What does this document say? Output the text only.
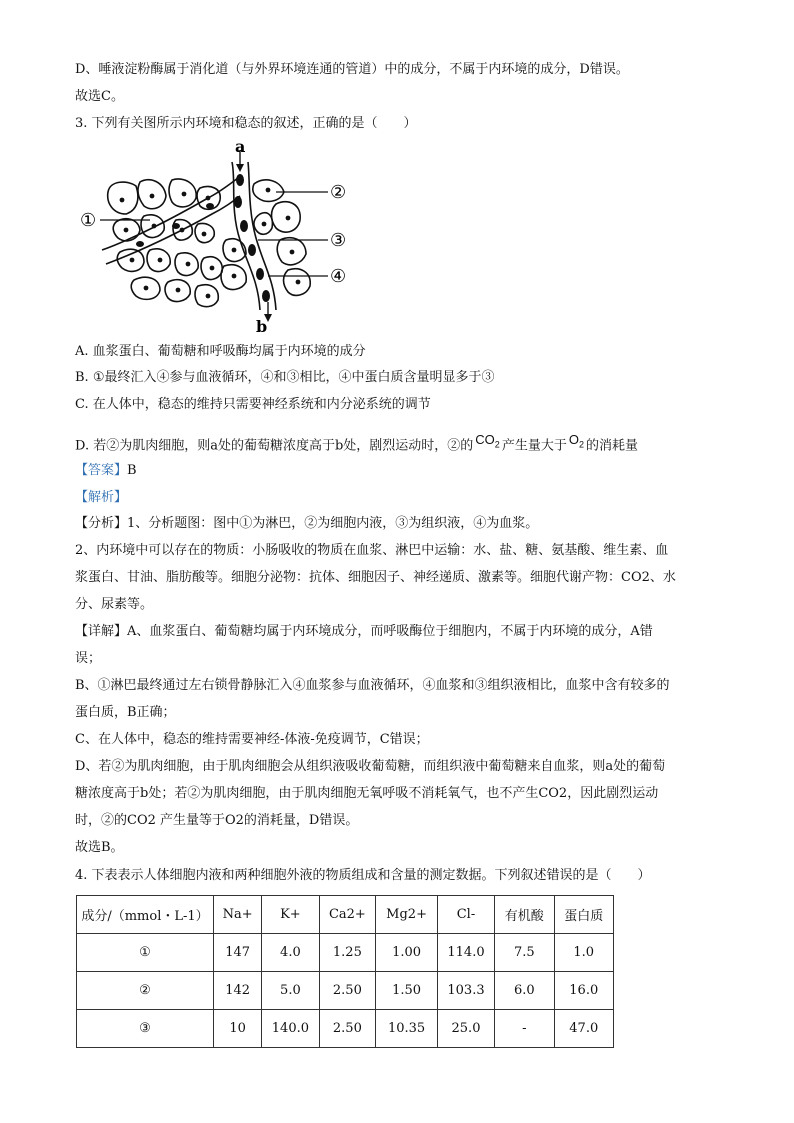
D、唾液淀粉酶属于消化道（与外界环境连通的管道）中的成分，不属于内环境的成分，D错误。
故选C。
3. 下列有关图所示内环境和稳态的叙述，正确的是（　　）
a
b
①
②
③
④
A. 血浆蛋白、葡萄糖和呼吸酶均属于内环境的成分
B. ①最终汇入④参与血液循环，④和③相比，④中蛋白质含量明显多于③
C. 在人体中，稳态的维持只需要神经系统和内分泌系统的调节
D. 若②为肌肉细胞，则a处的葡萄糖浓度高于b处，剧烈运动时，②的 $CO_2$ 产生量大于 $O_2$ 的消耗量
【答案】B
【解析】
【分析】1、分析题图：图中①为淋巴，②为细胞内液，③为组织液，④为血浆。
2、内环境中可以存在的物质：小肠吸收的物质在血浆、淋巴中运输：水、盐、糖、氨基酸、维生素、血
浆蛋白、甘油、脂肪酸等。细胞分泌物：抗体、细胞因子、神经递质、激素等。细胞代谢产物：CO2、水
分、尿素等。
【详解】A、血浆蛋白、葡萄糖均属于内环境成分，而呼吸酶位于细胞内，不属于内环境的成分，A错
误；
B、①淋巴最终通过左右锁骨静脉汇入④血浆参与血液循环，④血浆和③组织液相比，血浆中含有较多的
蛋白质，B正确；
C、在人体中，稳态的维持需要神经-体液-免疫调节，C错误；
D、若②为肌肉细胞，由于肌肉细胞会从组织液吸收葡萄糖，而组织液中葡萄糖来自血浆，则a处的葡萄
糖浓度高于b处；若②为肌肉细胞，由于肌肉细胞无氧呼吸不消耗氧气，也不产生CO2，因此剧烈运动
时，②的CO2 产生量等于O2的消耗量，D错误。
故选B。
4. 下表表示人体细胞内液和两种细胞外液的物质组成和含量的测定数据。下列叙述错误的是（　　）
成分/（mmol・L-1）	Na+	K+	Ca2+	Mg2+	Cl-	有机酸	蛋白质
①	147	4.0	1.25	1.00	114.0	7.5	1.0
②	142	5.0	2.50	1.50	103.3	6.0	16.0
③	10	140.0	2.50	10.35	25.0	-	47.0
